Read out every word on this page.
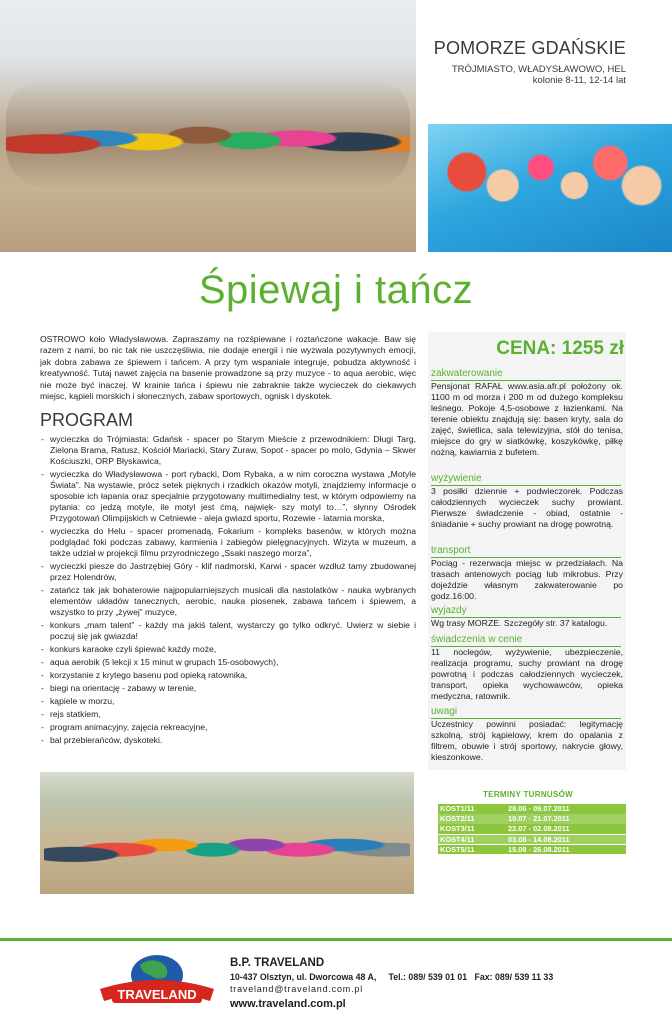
POMORZE GDAŃSKIE
TRÓJMIASTO, WŁADYSŁAWOWO, HEL
kolonie 8-11, 12-14 lat
Śpiewaj i tańcz
OSTROWO koło Władysławowa. Zapraszamy na rozśpiewane i roztańczone wakacje. Baw się razem z nami, bo nic tak nie uszczęśliwia, nie dodaje energii i nie wyzwala pozytywnych emocji, jak dobra zabawa ze śpiewem i tańcem. A przy tym wspaniale integruje, pobudza aktywność i kreatywność. Tutaj nawet zajęcia na basenie prowadzone są przy muzyce - to aqua aerobic, więc nie może być inaczej. W krainie tańca i śpiewu nie zabraknie także wycieczek do ciekawych miejsc, kąpieli morskich i słonecznych, zabaw sportowych, ognisk i dyskotek.
PROGRAM
- wycieczka do Trójmiasta: Gdańsk - spacer po Starym Mieście z przewodnikiem: Długi Targ, Zielona Brama, Ratusz, Kościół Mariacki, Stary Żuraw, Sopot - spacer po molo, Gdynia – Skwer Kościuszki, ORP Błyskawica,
- wycieczka do Władysławowa - port rybacki, Dom Rybaka, a w nim coroczna wystawa „Motyle Świata”. Na wystawie, prócz setek pięknych i rzadkich okazów motyli, znajdziemy informacje o sposobie ich łapania oraz specjalnie przygotowany multimedialny test, w którym odpowiemy na pytania: co jedzą motyle, ile motyl jest ćmą, najwięk- szy motyl to…”, słynny Ośrodek Przygotowań Olimpijskich w Cetniewie - aleja gwiazd sportu, Rozewie - latarnia morska,
- wycieczka do Helu - spacer promenadą, Fokarium - kompleks basenów, w których można podglądać foki podczas zabawy, karmienia i zabiegów pielęgnacyjnych. Wizyta w muzeum, a także udział w projekcji filmu przyrodniczego „Ssaki naszego morza”,
- wycieczki piesze do Jastrzębiej Góry - klif nadmorski, Karwi - spacer wzdłuż tamy zbudowanej przez Holendrów,
- zatańcz tak jak bohaterowie najpopularniejszych musicali dla nastolatków - nauka wybranych elementów układów tanecznych, aerobic, nauka piosenek, zabawa tańcem i śpiewem, a wszystko to przy „żywej” muzyce,
- konkurs „mam talent” - każdy ma jakiś talent, wystarczy go tylko odkryć. Uwierz w siebie i poczuj się jak gwiazda!
- konkurs karaoke czyli śpiewać każdy może,
- aqua aerobik (5 lekcji x 15 minut w grupach 15-osobowych),
- korzystanie z krytego basenu pod opieką ratownika,
- biegi na orientację - zabawy w terenie,
- kąpiele w morzu,
- rejs statkiem,
- program animacyjny, zajęcia rekreacyjne,
- bal przebierańców, dyskoteki.
CENA: 1255 zł
zakwaterowanie
Pensjonat RAFAŁ www.asia.afr.pl położony ok. 1100 m od morza i 200 m od dużego kompleksu leśnego. Pokoje 4,5-osobowe z łazienkami. Na terenie obiektu znajdują się: basen kryty, sala do zajęć, świetlica, sala telewizyjna, stół do tenisa, miejsce do gry w siatkówkę, koszykówkę, piłkę nożną, kawiarnia z bufetem.
wyżywienie
3 posiłki dziennie + podwieczorek. Podczas całodziennych wycieczek suchy prowiant. Pierwsze świadczenie - obiad, ostatnie - śniadanie + suchy prowiant na drogę powrotną.
transport
Pociąg - rezerwacja miejsc w przedziałach. Na trasach antenowych pociąg lub mikrobus. Przy dojeździe własnym zakwaterowanie po godz.16:00.
wyjazdy
Wg trasy MORZE. Szczegóły str. 37 katalogu.
świadczenia w cenie
11 noclegów, wyżywienie, ubezpieczenie, realizacja programu, suchy prowiant na drogę powrotną i podczas całodziennych wycieczek, transport, opieka wychowawców, opieka medyczna, ratownik.
uwagi
Uczestnicy powinni posiadać: legitymację szkolną, strój kąpielowy, krem do opalania z filtrem, obuwie i strój sportowy, nakrycie głowy, kieszonkowe.
TERMINY TURNUSÓW
KOST1/11	28.06 - 09.07.2011
KOST2/11	10.07 - 21.07.2011
KOST3/11	22.07 - 02.08.2011
KOST4/11	03.08 - 14.08.2011
KOST5/11	15.08 - 26.08.2011
TRAVELAND
B.P. TRAVELAND
10-437 Olsztyn, ul. Dworcowa 48 A,     Tel.: 089/ 539 01 01   Fax: 089/ 539 11 33
traveland@traveland.com.pl
www.traveland.com.pl
